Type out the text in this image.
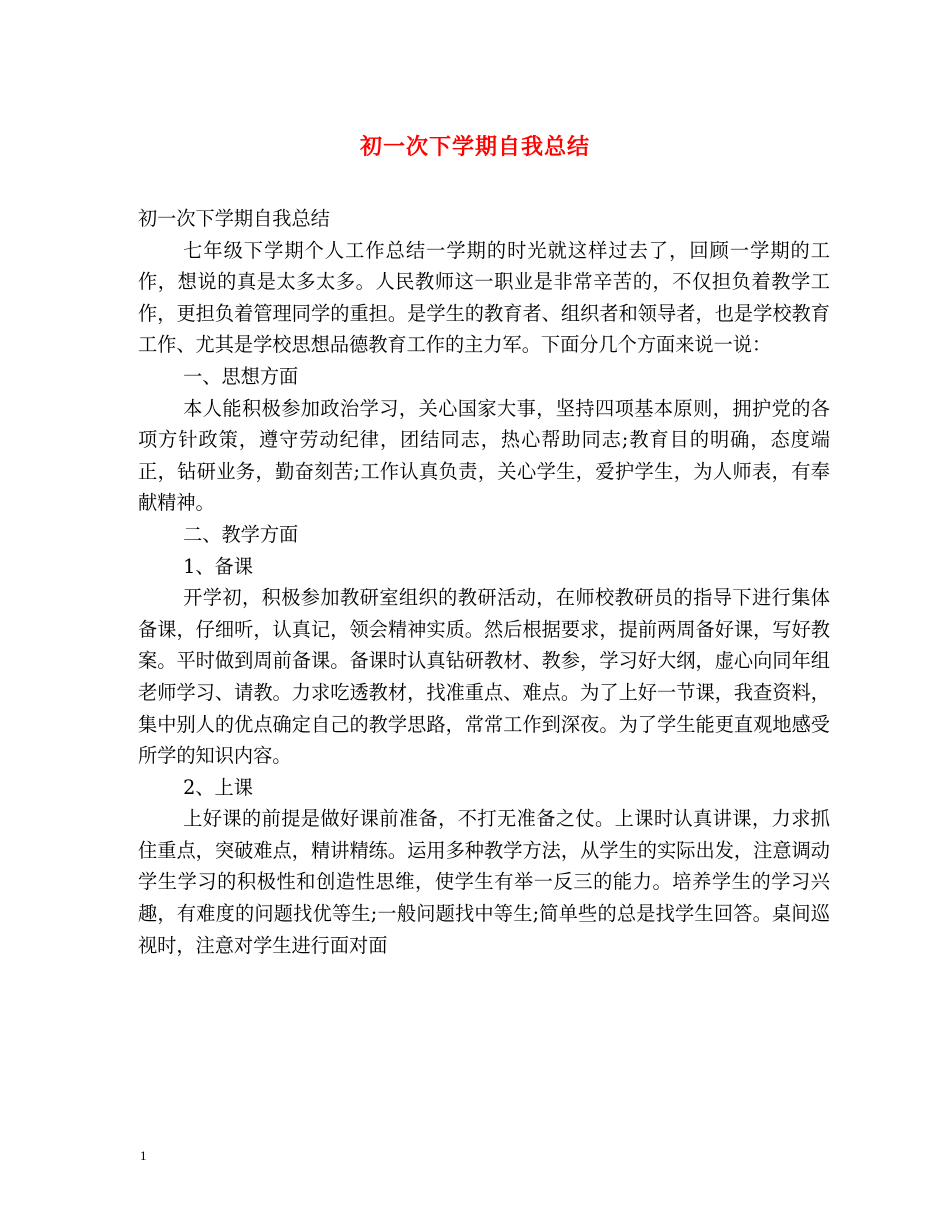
初一次下学期自我总结

初一次下学期自我总结

七年级下学期个人工作总结一学期的时光就这样过去了，回顾一学期的工作，想说的真是太多太多。人民教师这一职业是非常辛苦的，不仅担负着教学工作，更担负着管理同学的重担。是学生的教育者、组织者和领导者，也是学校教育工作、尤其是学校思想品德教育工作的主力军。下面分几个方面来说一说：

一、思想方面

本人能积极参加政治学习，关心国家大事，坚持四项基本原则，拥护党的各项方针政策，遵守劳动纪律，团结同志，热心帮助同志;教育目的明确，态度端正，钻研业务，勤奋刻苦;工作认真负责，关心学生，爱护学生，为人师表，有奉献精神。

二、教学方面

1、备课

开学初，积极参加教研室组织的教研活动，在师校教研员的指导下进行集体备课，仔细听，认真记，领会精神实质。然后根据要求，提前两周备好课，写好教案。平时做到周前备课。备课时认真钻研教材、教参，学习好大纲，虚心向同年组老师学习、请教。力求吃透教材，找准重点、难点。为了上好一节课，我查资料，集中别人的优点确定自己的教学思路，常常工作到深夜。为了学生能更直观地感受所学的知识内容。

2、上课

上好课的前提是做好课前准备，不打无准备之仗。上课时认真讲课，力求抓住重点，突破难点，精讲精练。运用多种教学方法，从学生的实际出发，注意调动学生学习的积极性和创造性思维，使学生有举一反三的能力。培养学生的学习兴趣，有难度的问题找优等生;一般问题找中等生;简单些的总是找学生回答。桌间巡视时，注意对学生进行面对面

1
